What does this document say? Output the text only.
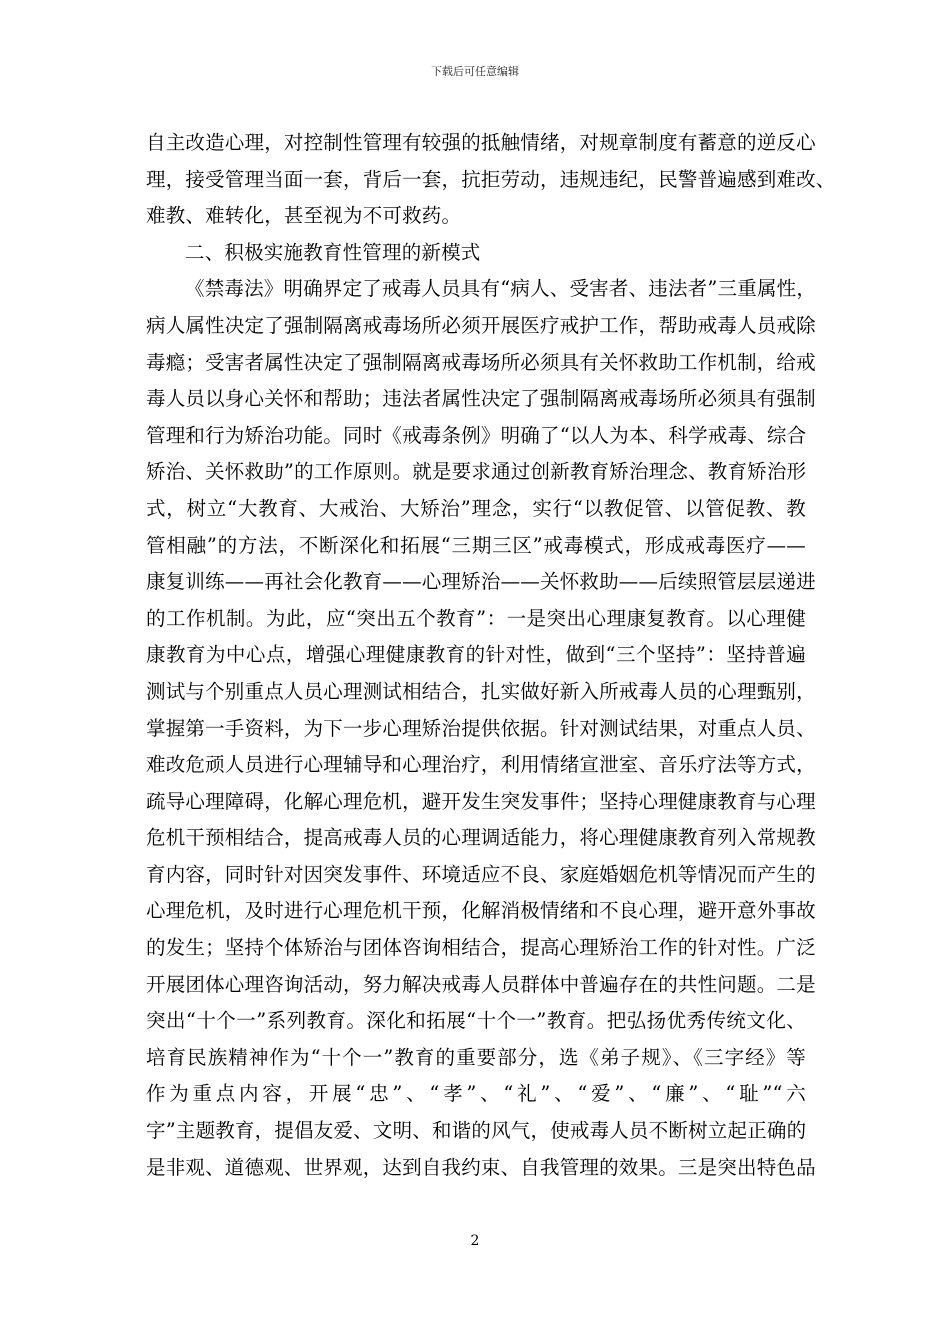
下载后可任意编辑
自主改造心理，对控制性管理有较强的抵触情绪，对规章制度有蓄意的逆反心
理，接受管理当面一套，背后一套，抗拒劳动，违规违纪，民警普遍感到难改、
难教、难转化，甚至视为不可救药。
二、积极实施教育性管理的新模式
《禁毒法》明确界定了戒毒人员具有“病人、受害者、违法者”三重属性，
病人属性决定了强制隔离戒毒场所必须开展医疗戒护工作，帮助戒毒人员戒除
毒瘾；受害者属性决定了强制隔离戒毒场所必须具有关怀救助工作机制，给戒
毒人员以身心关怀和帮助；违法者属性决定了强制隔离戒毒场所必须具有强制
管理和行为矫治功能。同时《戒毒条例》明确了“以人为本、科学戒毒、综合
矫治、关怀救助”的工作原则。就是要求通过创新教育矫治理念、教育矫治形
式，树立“大教育、大戒治、大矫治”理念，实行“以教促管、以管促教、教
管相融”的方法，不断深化和拓展“三期三区”戒毒模式，形成戒毒医疗——
康复训练——再社会化教育——心理矫治——关怀救助——后续照管层层递进
的工作机制。为此，应“突出五个教育”：一是突出心理康复教育。以心理健
康教育为中心点，增强心理健康教育的针对性，做到“三个坚持”：坚持普遍
测试与个别重点人员心理测试相结合，扎实做好新入所戒毒人员的心理甄别，
掌握第一手资料，为下一步心理矫治提供依据。针对测试结果，对重点人员、
难改危顽人员进行心理辅导和心理治疗，利用情绪宣泄室、音乐疗法等方式，
疏导心理障碍，化解心理危机，避开发生突发事件；坚持心理健康教育与心理
危机干预相结合，提高戒毒人员的心理调适能力，将心理健康教育列入常规教
育内容，同时针对因突发事件、环境适应不良、家庭婚姻危机等情况而产生的
心理危机，及时进行心理危机干预，化解消极情绪和不良心理，避开意外事故
的发生；坚持个体矫治与团体咨询相结合，提高心理矫治工作的针对性。广泛
开展团体心理咨询活动，努力解决戒毒人员群体中普遍存在的共性问题。二是
突出“十个一”系列教育。深化和拓展“十个一”教育。把弘扬优秀传统文化、
培育民族精神作为“十个一”教育的重要部分，选《弟子规》、《三字经》等
作为重点内容，开展“忠”、“孝”、“礼”、“爱”、“廉”、“耻”“六
字”主题教育，提倡友爱、文明、和谐的风气，使戒毒人员不断树立起正确的
是非观、道德观、世界观，达到自我约束、自我管理的效果。三是突出特色品
2
